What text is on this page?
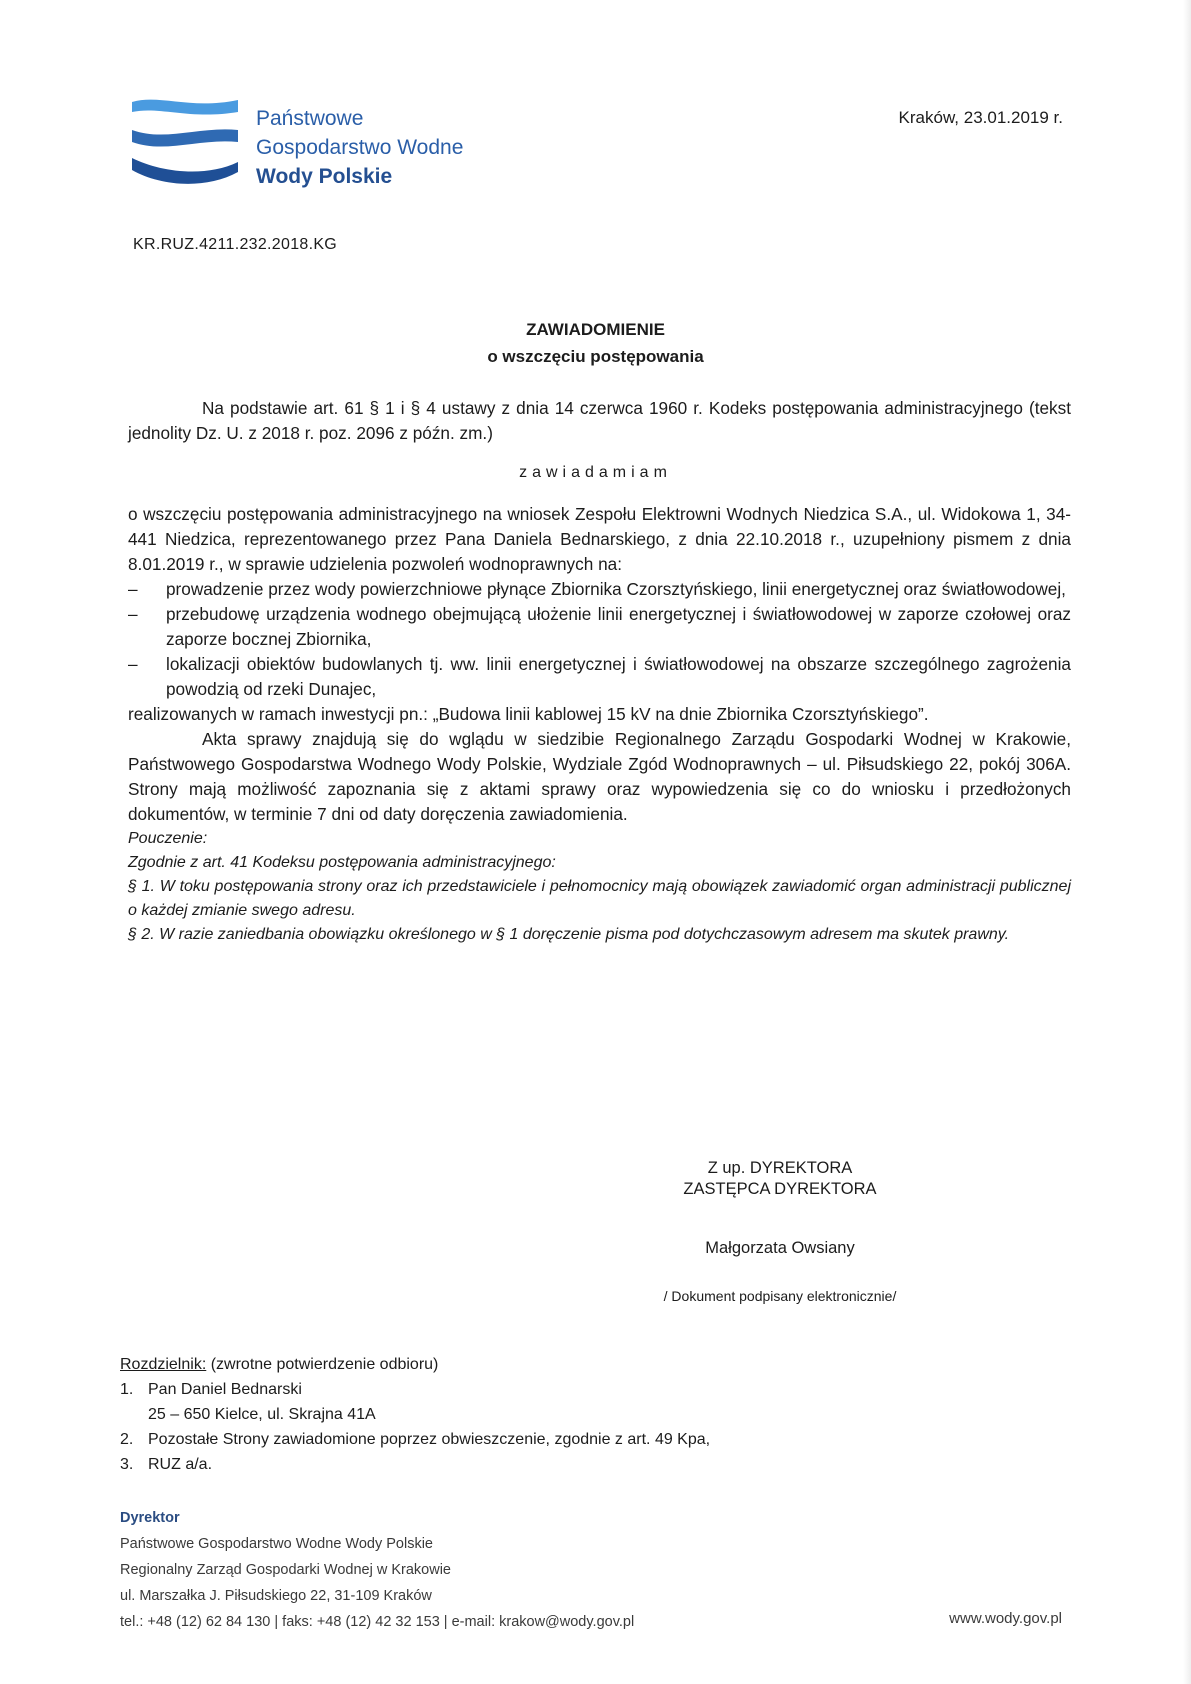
Państwowe
Gospodarstwo Wodne
Wody Polskie
Kraków, 23.01.2019 r.
KR.RUZ.4211.232.2018.KG
ZAWIADOMIENIE
o wszczęciu postępowania
Na podstawie art. 61 § 1 i § 4 ustawy z dnia 14 czerwca 1960 r. Kodeks postępowania administracyjnego (tekst jednolity Dz. U. z 2018 r. poz. 2096 z późn. zm.)
zawiadamiam
o wszczęciu postępowania administracyjnego na wniosek Zespołu Elektrowni Wodnych Niedzica S.A., ul. Widokowa 1, 34-441 Niedzica, reprezentowanego przez Pana Daniela Bednarskiego, z dnia 22.10.2018 r., uzupełniony pismem z dnia 8.01.2019 r., w sprawie udzielenia pozwoleń wodnoprawnych na:
– prowadzenie przez wody powierzchniowe płynące Zbiornika Czorsztyńskiego, linii energetycznej oraz światłowodowej,
– przebudowę urządzenia wodnego obejmującą ułożenie linii energetycznej i światłowodowej w zaporze czołowej oraz zaporze bocznej Zbiornika,
– lokalizacji obiektów budowlanych tj. ww. linii energetycznej i światłowodowej na obszarze szczególnego zagrożenia powodzią od rzeki Dunajec,
realizowanych w ramach inwestycji pn.: „Budowa linii kablowej 15 kV na dnie Zbiornika Czorsztyńskiego”.
Akta sprawy znajdują się do wglądu w siedzibie Regionalnego Zarządu Gospodarki Wodnej w Krakowie, Państwowego Gospodarstwa Wodnego Wody Polskie, Wydziale Zgód Wodnoprawnych – ul. Piłsudskiego 22, pokój 306A. Strony mają możliwość zapoznania się z aktami sprawy oraz wypowiedzenia się co do wniosku i przedłożonych dokumentów, w terminie 7 dni od daty doręczenia zawiadomienia.
Pouczenie:
Zgodnie z art. 41 Kodeksu postępowania administracyjnego:
§ 1. W toku postępowania strony oraz ich przedstawiciele i pełnomocnicy mają obowiązek zawiadomić organ administracji publicznej o każdej zmianie swego adresu.
§ 2. W razie zaniedbania obowiązku określonego w § 1 doręczenie pisma pod dotychczasowym adresem ma skutek prawny.
Z up. DYREKTORA
ZASTĘPCA DYREKTORA
Małgorzata Owsiany
/ Dokument podpisany elektronicznie/
Rozdzielnik: (zwrotne potwierdzenie odbioru)
1. Pan Daniel Bednarski
25 – 650 Kielce, ul. Skrajna 41A
2. Pozostałe Strony zawiadomione poprzez obwieszczenie, zgodnie z art. 49 Kpa,
3. RUZ a/a.
Dyrektor
Państwowe Gospodarstwo Wodne Wody Polskie
Regionalny Zarząd Gospodarki Wodnej w Krakowie
ul. Marszałka J. Piłsudskiego 22, 31-109 Kraków
tel.: +48 (12) 62 84 130 | faks: +48 (12) 42 32 153 | e-mail: krakow@wody.gov.pl	www.wody.gov.pl
